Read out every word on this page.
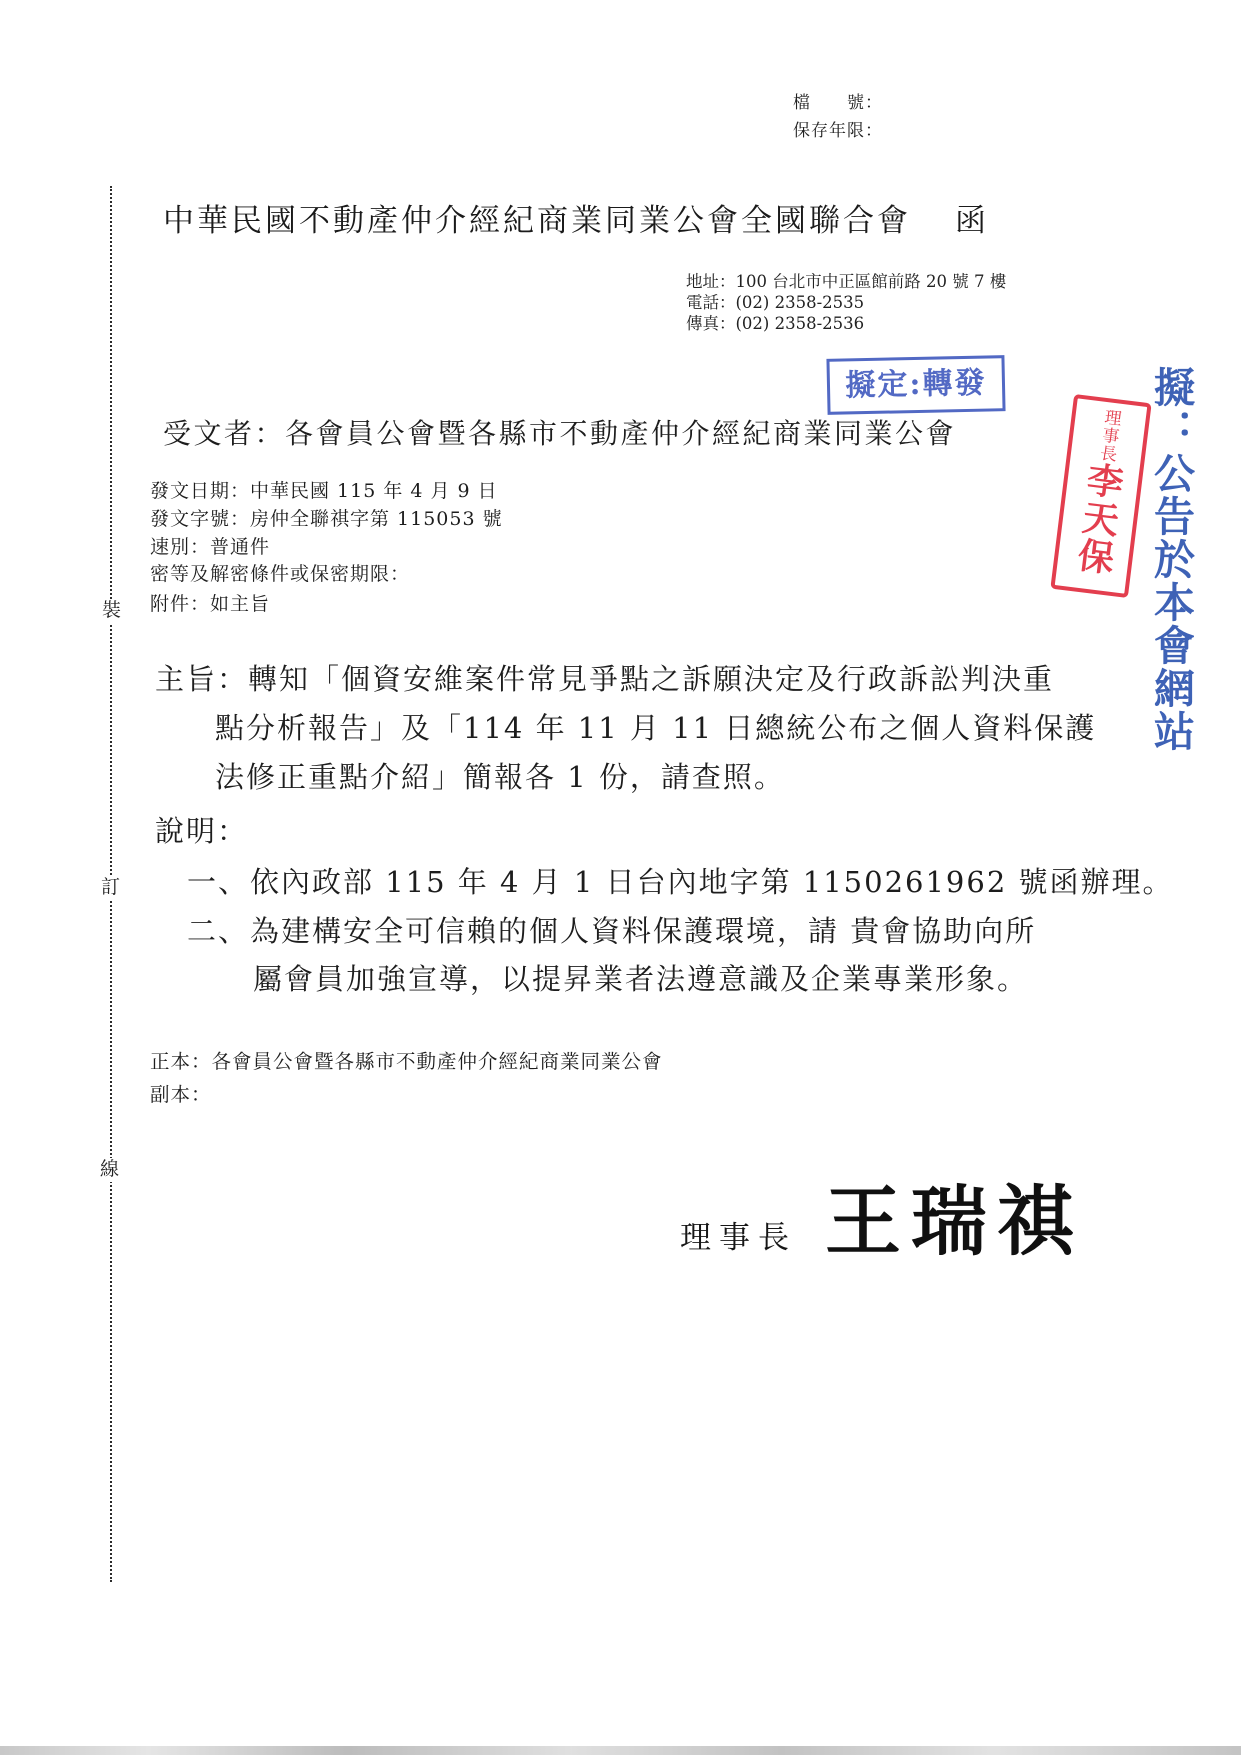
檔　　號：
保存年限：
中華民國不動產仲介經紀商業同業公會全國聯合會 函
地址：100 台北市中正區館前路 20 號 7 樓
電話：(02) 2358-2535
傳真：(02) 2358-2536
擬定:轉發
理事長李天保 擬：公告於本會網站
受文者：各會員公會暨各縣市不動產仲介經紀商業同業公會
發文日期：中華民國 115 年 4 月 9 日
發文字號：房仲全聯祺字第 115053 號
速別：普通件
密等及解密條件或保密期限：
附件：如主旨
主旨：轉知「個資安維案件常見爭點之訴願決定及行政訴訟判決重
點分析報告」及「114 年 11 月 11 日總統公布之個人資料保護
法修正重點介紹」簡報各 1 份，請查照。
說明：
一、 依內政部 115 年 4 月 1 日台內地字第 1150261962 號函辦理。
二、 為建構安全可信賴的個人資料保護環境，請 貴會協助向所
屬會員加強宣導，以提昇業者法遵意識及企業專業形象。
正本：各會員公會暨各縣市不動產仲介經紀商業同業公會
副本：
理事長 王瑞祺
裝
訂
線
